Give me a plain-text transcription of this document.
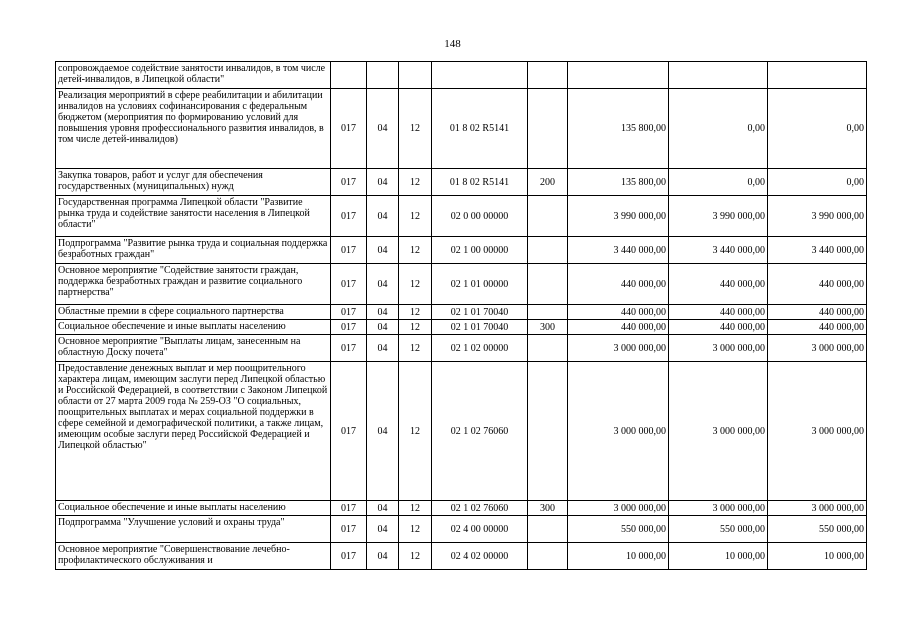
148
сопровождаемое содействие занятости инвалидов, в том числе детей-инвалидов, в Липецкой области"								
Реализация мероприятий в сфере реабилитации и абилитации инвалидов на условиях софинансирования с федеральным бюджетом (мероприятия по формированию условий для повышения уровня профессионального развития инвалидов, в том числе детей-инвалидов)	017	04	12	01 8 02 R5141		135 800,00	0,00	0,00
Закупка товаров, работ и услуг для обеспечения государственных (муниципальных) нужд	017	04	12	01 8 02 R5141	200	135 800,00	0,00	0,00
Государственная программа Липецкой области "Развитие рынка труда и содействие занятости населения в Липецкой области"	017	04	12	02 0 00 00000		3 990 000,00	3 990 000,00	3 990 000,00
Подпрограмма "Развитие рынка труда и социальная поддержка безработных граждан"	017	04	12	02 1 00 00000		3 440 000,00	3 440 000,00	3 440 000,00
Основное мероприятие "Содействие занятости граждан, поддержка безработных граждан и развитие социального партнерства"	017	04	12	02 1 01 00000		440 000,00	440 000,00	440 000,00
Областные премии в сфере социального партнерства	017	04	12	02 1 01 70040		440 000,00	440 000,00	440 000,00
Социальное обеспечение и иные выплаты населению	017	04	12	02 1 01 70040	300	440 000,00	440 000,00	440 000,00
Основное мероприятие "Выплаты лицам, занесенным на областную Доску почета"	017	04	12	02 1 02 00000		3 000 000,00	3 000 000,00	3 000 000,00
Предоставление денежных выплат и мер поощрительного характера лицам, имеющим заслуги перед Липецкой областью и Российской Федерацией, в соответствии с Законом Липецкой области от 27 марта 2009 года № 259-ОЗ "О социальных, поощрительных выплатах и мерах социальной поддержки в сфере семейной и демографической политики, а также лицам, имеющим особые заслуги перед Российской Федерацией и Липецкой областью"	017	04	12	02 1 02 76060		3 000 000,00	3 000 000,00	3 000 000,00
Социальное обеспечение и иные выплаты населению	017	04	12	02 1 02 76060	300	3 000 000,00	3 000 000,00	3 000 000,00
Подпрограмма "Улучшение условий и охраны труда"	017	04	12	02 4 00 00000		550 000,00	550 000,00	550 000,00
Основное мероприятие "Совершенствование лечебно-профилактического обслуживания и	017	04	12	02 4 02 00000		10 000,00	10 000,00	10 000,00
